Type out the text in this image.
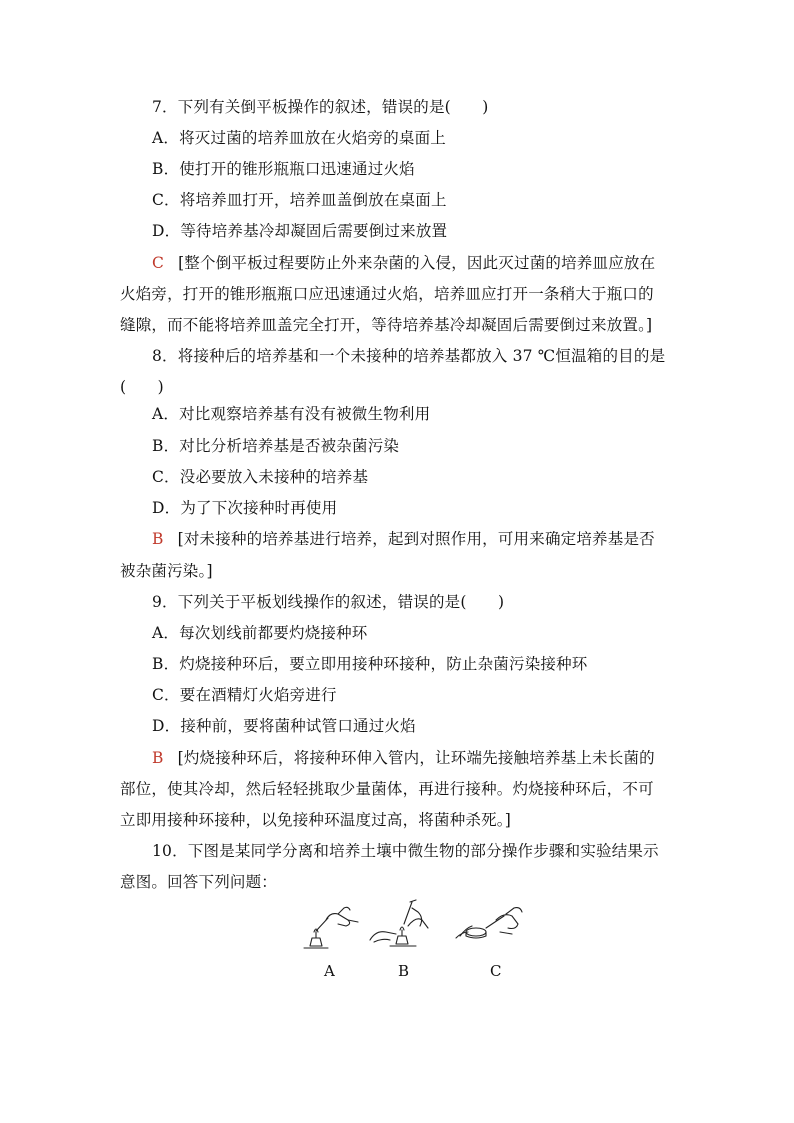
7．下列有关倒平板操作的叙述，错误的是(　　)
A．将灭过菌的培养皿放在火焰旁的桌面上
B．使打开的锥形瓶瓶口迅速通过火焰
C．将培养皿打开，培养皿盖倒放在桌面上
D．等待培养基冷却凝固后需要倒过来放置
C [整个倒平板过程要防止外来杂菌的入侵，因此灭过菌的培养皿应放在
火焰旁，打开的锥形瓶瓶口应迅速通过火焰，培养皿应打开一条稍大于瓶口的
缝隙，而不能将培养皿盖完全打开，等待培养基冷却凝固后需要倒过来放置。]
8．将接种后的培养基和一个未接种的培养基都放入 37 ℃恒温箱的目的是
(　　)
A．对比观察培养基有没有被微生物利用
B．对比分析培养基是否被杂菌污染
C．没必要放入未接种的培养基
D．为了下次接种时再使用
B [对未接种的培养基进行培养，起到对照作用，可用来确定培养基是否
被杂菌污染。]
9．下列关于平板划线操作的叙述，错误的是(　　)
A．每次划线前都要灼烧接种环
B．灼烧接种环后，要立即用接种环接种，防止杂菌污染接种环
C．要在酒精灯火焰旁进行
D．接种前，要将菌种试管口通过火焰
B [灼烧接种环后，将接种环伸入管内，让环端先接触培养基上未长菌的
部位，使其冷却，然后轻轻挑取少量菌体，再进行接种。灼烧接种环后，不可
立即用接种环接种，以免接种环温度过高，将菌种杀死。]
10．下图是某同学分离和培养土壤中微生物的部分操作步骤和实验结果示
意图。回答下列问题：
A	B	C
